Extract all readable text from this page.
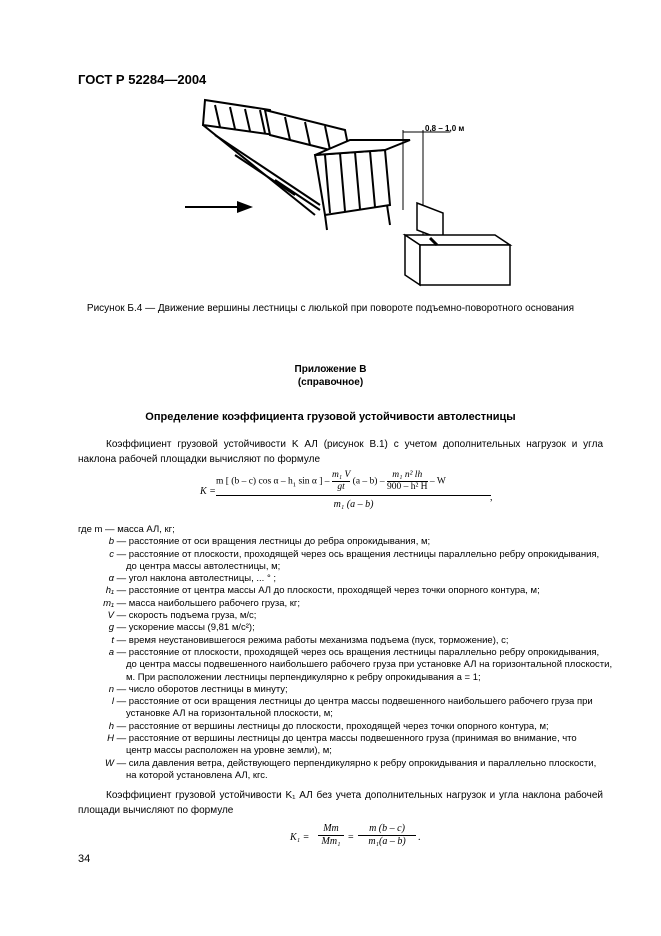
ГОСТ Р 52284—2004
0,8 – 1,0 м
Рисунок Б.4 — Движение вершины лестницы с люлькой при повороте подъемно-поворотного основания
Приложение В
(справочное)
Определение коэффициента грузовой устойчивости автолестницы
Коэффициент грузовой устойчивости K АЛ (рисунок В.1) с учетом дополнительных нагрузок и угла наклона рабочей площадки вычисляют по формуле
K =
m [ (b – c) cos α – $h_1$ sin α ] – $\frac{\text{m₁ V}}{gt} (a - b) - \frac{\text{m₁ n² lh}}{\text{900 – h² H}}$ – W
m₁ (a – b)
,
где m — масса АЛ, кг;
b — расстояние от оси вращения лестницы до ребра опрокидывания, м;
c — расстояние от плоскости, проходящей через ось вращения лестницы параллельно ребру опрокидывания,
до центра массы автолестницы, м;
α — угол наклона автолестницы, ... ° ;
h₁ — расстояние от центра массы АЛ до плоскости, проходящей через точки опорного контура, м;
m₁ — масса наибольшего рабочего груза, кг;
V — скорость подъема груза, м/с;
g — ускорение массы (9,81 м/с²);
t — время неустановившегося режима работы механизма подъема (пуск, торможение), с;
a — расстояние от плоскости, проходящей через ось вращения лестницы параллельно ребру опрокидывания,
до центра массы подвешенного наибольшего рабочего груза при установке АЛ на горизонтальной плоскости, м. При расположении лестницы перпендикулярно к ребру опрокидывания a = 1;
n — число оборотов лестницы в минуту;
l — расстояние от оси вращения лестницы до центра массы подвешенного наибольшего рабочего груза при
установке АЛ на горизонтальной плоскости, м;
h — расстояние от вершины лестницы до плоскости, проходящей через точки опорного контура, м;
H — расстояние от вершины лестницы до центра массы подвешенного груза (принимая во внимание, что
центр массы расположен на уровне земли), м;
W — сила давления ветра, действующего перпендикулярно к ребру опрокидывания и параллельно плоскости,
на которой установлена АЛ, кгс.
Коэффициент грузовой устойчивости K₁ АЛ без учета дополнительных нагрузок и угла наклона рабочей площади вычисляют по формуле
K₁ =
Mm
Mm₁ =
m (b – c)
m₁(a – b)	.
34
